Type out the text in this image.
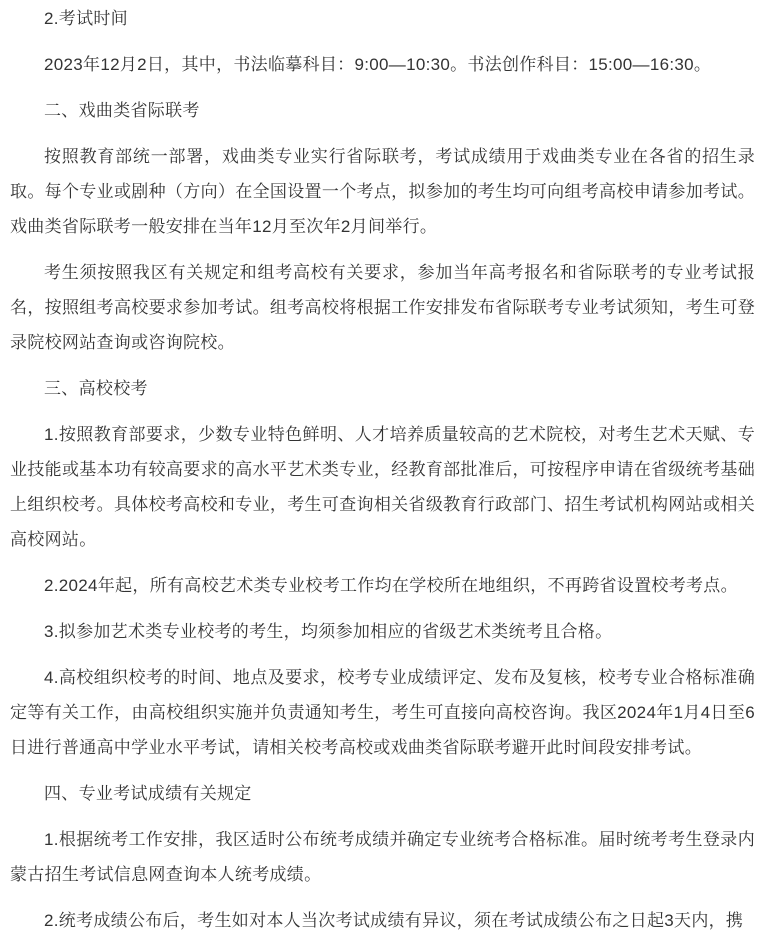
2.考试时间
2023年12月2日，其中，书法临摹科目：9:00—10:30。书法创作科目：15:00—16:30。
二、戏曲类省际联考
按照教育部统一部署，戏曲类专业实行省际联考，考试成绩用于戏曲类专业在各省的招生录取。每个专业或剧种（方向）在全国设置一个考点，拟参加的考生均可向组考高校申请参加考试。戏曲类省际联考一般安排在当年12月至次年2月间举行。
考生须按照我区有关规定和组考高校有关要求，参加当年高考报名和省际联考的专业考试报名，按照组考高校要求参加考试。组考高校将根据工作安排发布省际联考专业考试须知，考生可登录院校网站查询或咨询院校。
三、高校校考
1.按照教育部要求，少数专业特色鲜明、人才培养质量较高的艺术院校，对考生艺术天赋、专业技能或基本功有较高要求的高水平艺术类专业，经教育部批准后，可按程序申请在省级统考基础上组织校考。具体校考高校和专业，考生可查询相关省级教育行政部门、招生考试机构网站或相关高校网站。
2.2024年起，所有高校艺术类专业校考工作均在学校所在地组织，不再跨省设置校考考点。
3.拟参加艺术类专业校考的考生，均须参加相应的省级艺术类统考且合格。
4.高校组织校考的时间、地点及要求，校考专业成绩评定、发布及复核，校考专业合格标准确定等有关工作，由高校组织实施并负责通知考生，考生可直接向高校咨询。我区2024年1月4日至6日进行普通高中学业水平考试，请相关校考高校或戏曲类省际联考避开此时间段安排考试。
四、专业考试成绩有关规定
1.根据统考工作安排，我区适时公布统考成绩并确定专业统考合格标准。届时统考考生登录内蒙古招生考试信息网查询本人统考成绩。
2.统考成绩公布后，考生如对本人当次考试成绩有异议，须在考试成绩公布之日起3天内，携
